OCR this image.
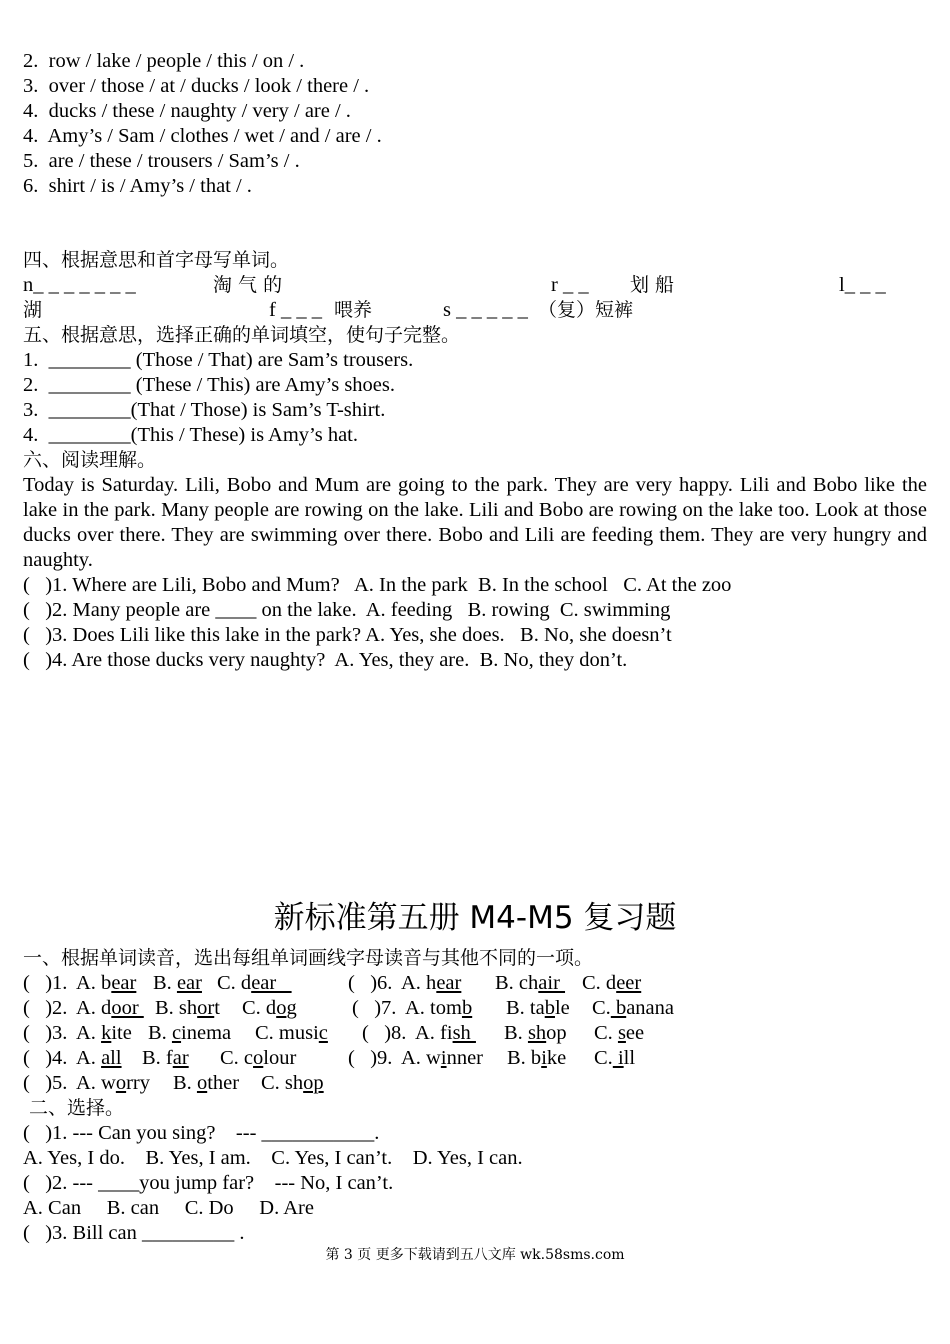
2.  row / lake / people / this / on / .
3.  over / those / at / ducks / look / there / .
4.  ducks / these / naughty / very / are / .
4.  Amy’s / Sam / clothes / wet / and / are / .
5.  are / these / trousers / Sam’s / .
6.  shirt / is / Amy’s / that / .
四、根据意思和首字母写单词。
n_ _ _ _ _ _ _	淘 气 的	r _ _ 划 船	l_ _ _
湖	f _ _ _ 喂养	s _ _ _ _ _ （复）短裤
五、根据意思，选择正确的单词填空，使句子完整。
1.  ________ (Those / That) are Sam’s trousers.
2.  ________ (These / This) are Amy’s shoes.
3.  ________(That / Those) is Sam’s T-shirt.
4.  ________(This / These) is Amy’s hat.
六、阅读理解。
Today is Saturday. Lili, Bobo and Mum are going to the park. They are very happy. Lili and Bobo like the lake in the park. Many people are rowing on the lake. Lili and Bobo are rowing on the lake too. Look at those ducks over there. They are swimming over there. Bobo and Lili are feeding them. They are very hungry and naughty.
(   )1. Where are Lili, Bobo and Mum?   A. In the park  B. In the school   C. At the zoo
(   )2. Many people are ____ on the lake.  A. feeding   B. rowing  C. swimming
(   )3. Does Lili like this lake in the park? A. Yes, she does.   B. No, she doesn’t
(   )4. Are those ducks very naughty?  A. Yes, they are.  B. No, they don’t.
新标准第五册 M4-M5 复习题
一、根据单词读音，选出每组单词画线字母读音与其他不同的一项。
(   )1. A. bear B. ear C. dear	(   )6. A. hear B. chair C. deer
(   )2. A. door B. short C. dog	(   )7. A. tomb B. table C. banana
(   )3. A. kite B. cinema C. music (   )8. A. fish B. shop C. see
(   )4. A. all B. far C. colour	(   )9. A. winner B. bike C. ill
(   )5. A. worry B. other C. shop
二、选择。
(   )1. --- Can you sing?    --- ___________.
A. Yes, I do.    B. Yes, I am.    C. Yes, I can’t.    D. Yes, I can.
(   )2. --- ____you jump far?    --- No, I can’t.
A. Can     B. can     C. Do     D. Are
(   )3. Bill can _________ .
第 3 页 更多下载请到五八文库 wk.58sms.com
